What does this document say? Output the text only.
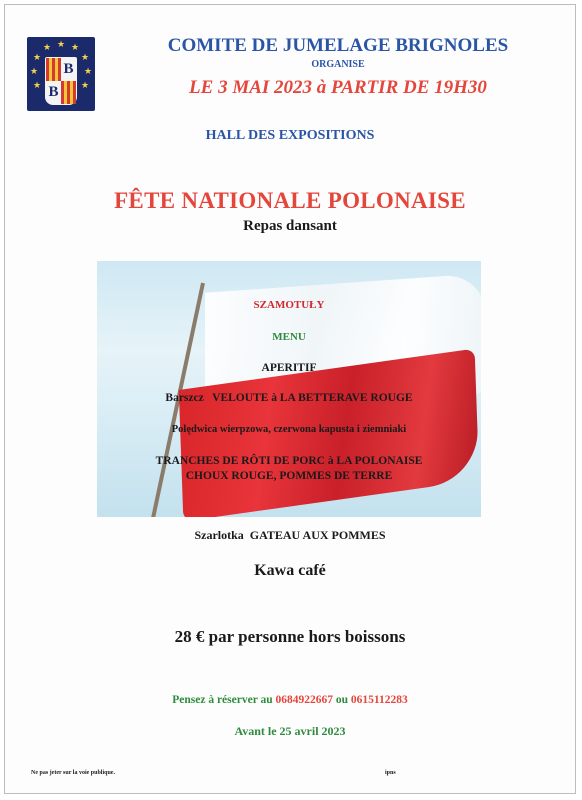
★ ★
★
★
★
★
★
★
★
B
B
COMITE DE JUMELAGE BRIGNOLES
ORGANISE
LE 3 MAI 2023 à PARTIR DE 19H30
HALL DES EXPOSITIONS
FÊTE NATIONALE POLONAISE
Repas dansant
SZAMOTUŁY
MENU
APERITIF
Barszcz   VELOUTE à LA BETTERAVE ROUGE
Polędwica wierpzowa, czerwona kapusta i ziemniaki
TRANCHES DE RÔTI DE PORC à LA POLONAISE
CHOUX ROUGE, POMMES DE TERRE
Szarlotka  GATEAU AUX POMMES
Kawa café
28 € par personne hors boissons
Pensez à réserver au 0684922667 ou 0615112283
Avant le 25 avril 2023
Ne pas jeter sur la voie publique.	ipns
